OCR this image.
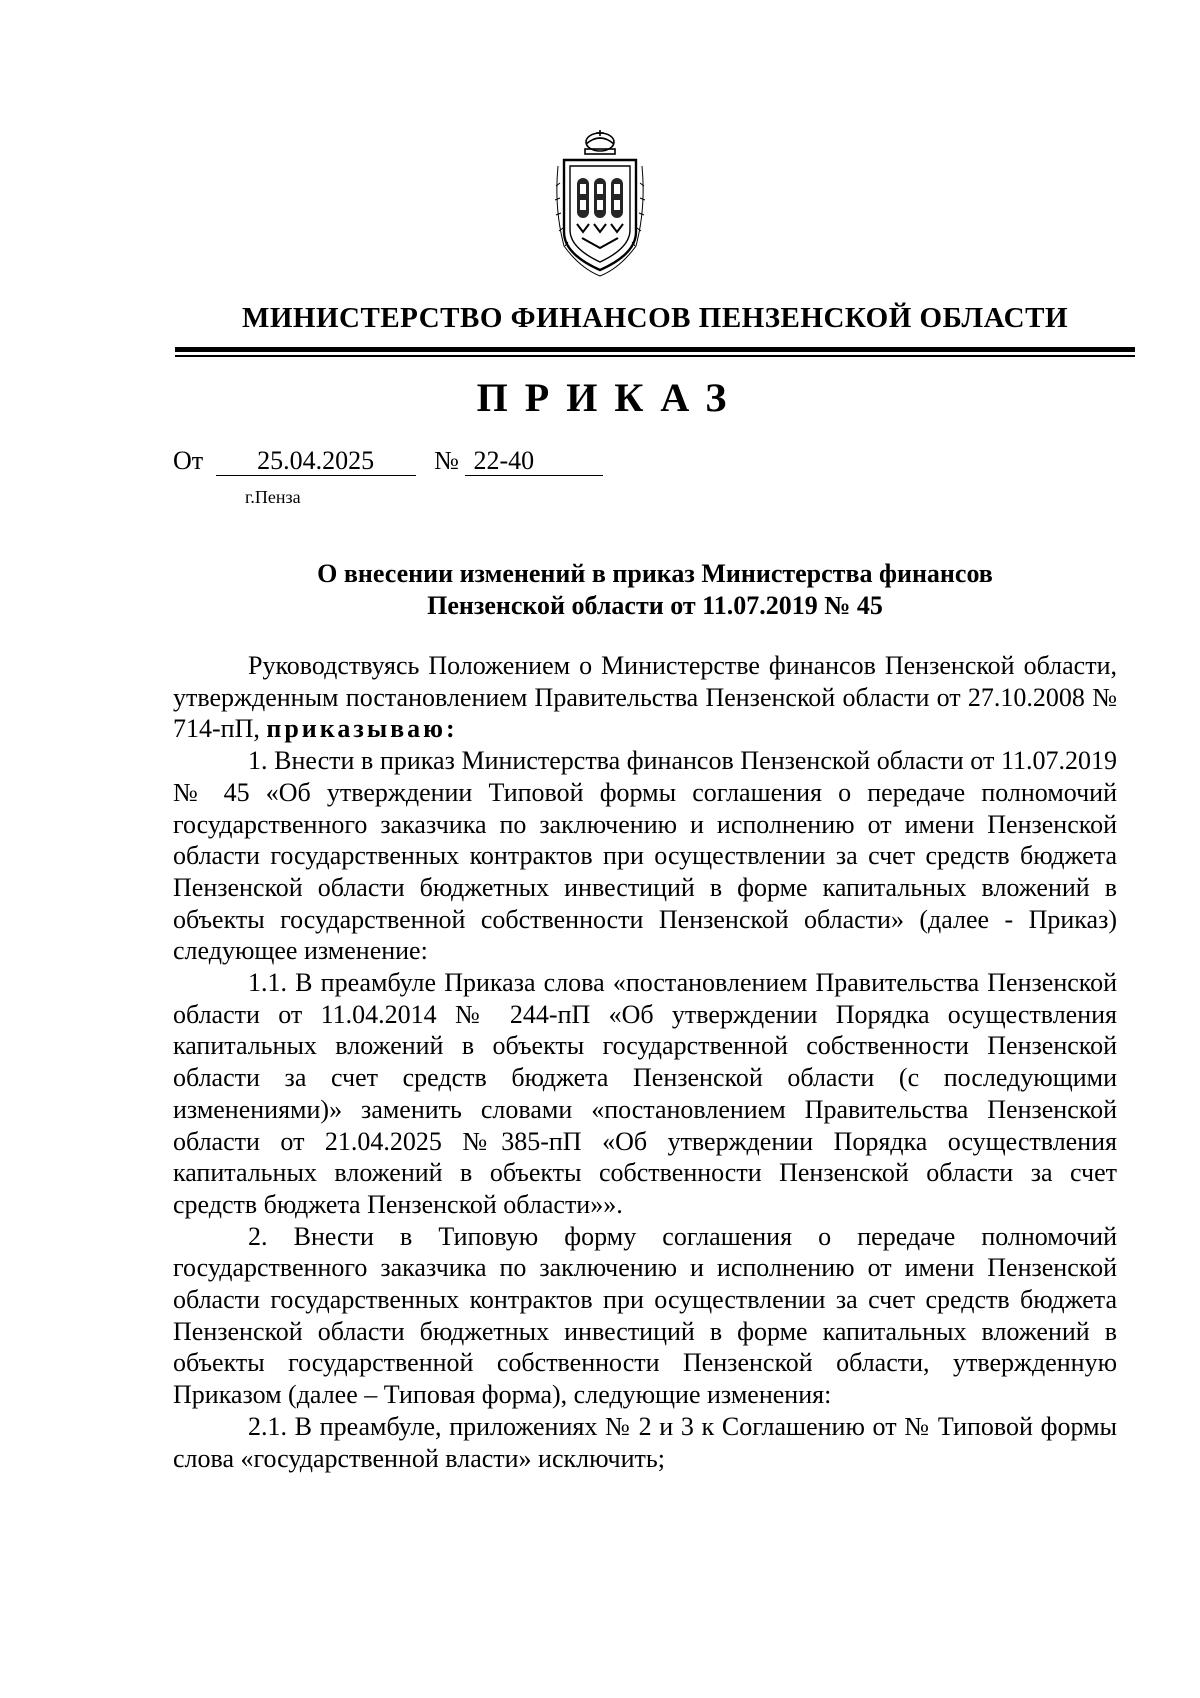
МИНИСТЕРСТВО ФИНАНСОВ ПЕНЗЕНСКОЙ ОБЛАСТИ
ПРИКАЗ
От 25.04.2025 № 22-40
г.Пенза
О внесении изменений в приказ Министерства финансов
Пензенской области от 11.07.2019 № 45

Руководствуясь Положением о Министерстве финансов Пензенской области, утвержденным постановлением Правительства Пензенской области от 27.10.2008 № 714-пП, приказываю:

1. Внести в приказ Министерства финансов Пензенской области от 11.07.2019 № 45 «Об утверждении Типовой формы соглашения о передаче полномочий государственного заказчика по заключению и исполнению от имени Пензенской области государственных контрактов при осуществлении за счет средств бюджета Пензенской области бюджетных инвестиций в форме капитальных вложений в объекты государственной собственности Пензенской области» (далее - Приказ) следующее изменение:

1.1. В преамбуле Приказа слова «постановлением Правительства Пензенской области от 11.04.2014 № 244-пП «Об утверждении Порядка осуществления капитальных вложений в объекты государственной собственности Пензенской области за счет средств бюджета Пензенской области (с последующими изменениями)» заменить словами «постановлением Правительства Пензенской области от 21.04.2025 №385-пП «Об утверждении Порядка осуществления капитальных вложений в объекты собственности Пензенской области за счет средств бюджета Пензенской области»».

2. Внести в Типовую форму соглашения о передаче полномочий государственного заказчика по заключению и исполнению от имени Пензенской области государственных контрактов при осуществлении за счет средств бюджета Пензенской области бюджетных инвестиций в форме капитальных вложений в объекты государственной собственности Пензенской области, утвержденную Приказом (далее – Типовая форма), следующие изменения:

2.1. В преамбуле, приложениях № 2 и 3 к Соглашению от № Типовой формы слова «государственной власти» исключить;
